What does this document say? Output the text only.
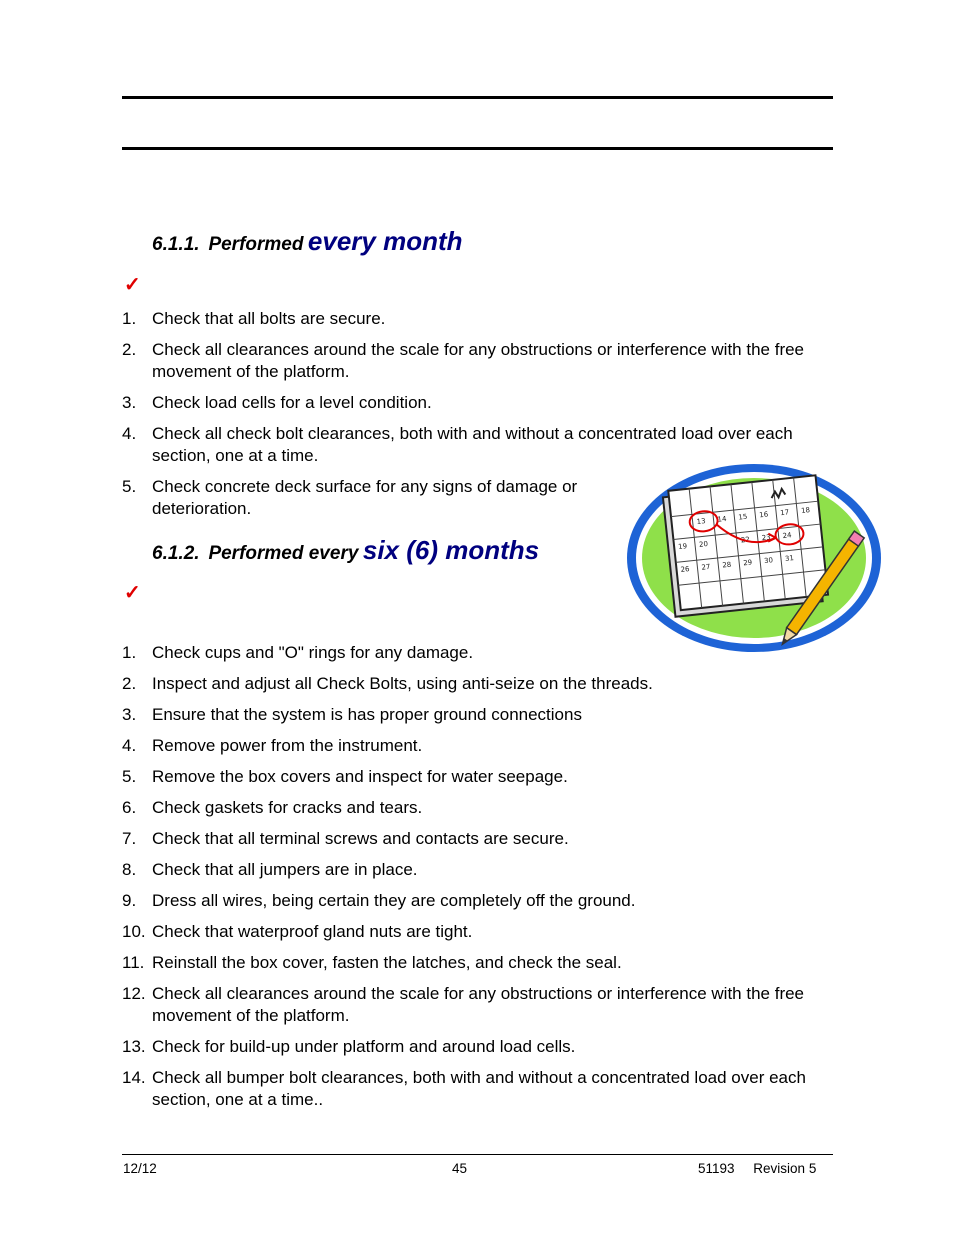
6.1.1. Performed every month
✓
1. Check that all bolts are secure.
2. Check all clearances around the scale for any obstructions or interference with the free movement of the platform.
3. Check load cells for a level condition.
4. Check all check bolt clearances, both with and without a concentrated load over each section, one at a time.
5. Check concrete deck surface for any signs of damage or deterioration.
6.1.2. Performed every six (6) months
✓
13 14 15 16 17 18
19 20	22 23 24
26 27 28 29 30 31
1. Check cups and "O" rings for any damage.
2. Inspect and adjust all Check Bolts, using anti-seize on the threads.
3. Ensure that the system is has proper ground connections
4. Remove power from the instrument.
5. Remove the box covers and inspect for water seepage.
6. Check gaskets for cracks and tears.
7. Check that all terminal screws and contacts are secure.
8. Check that all jumpers are in place.
9. Dress all wires, being certain they are completely off the ground.
10. Check that waterproof gland nuts are tight.
11. Reinstall the box cover, fasten the latches, and check the seal.
12. Check all clearances around the scale for any obstructions or interference with the free movement of the platform.
13. Check for build-up under platform and around load cells.
14. Check all bumper bolt clearances, both with and without a concentrated load over each section, one at a time..
12/12	45	51193     Revision 5
